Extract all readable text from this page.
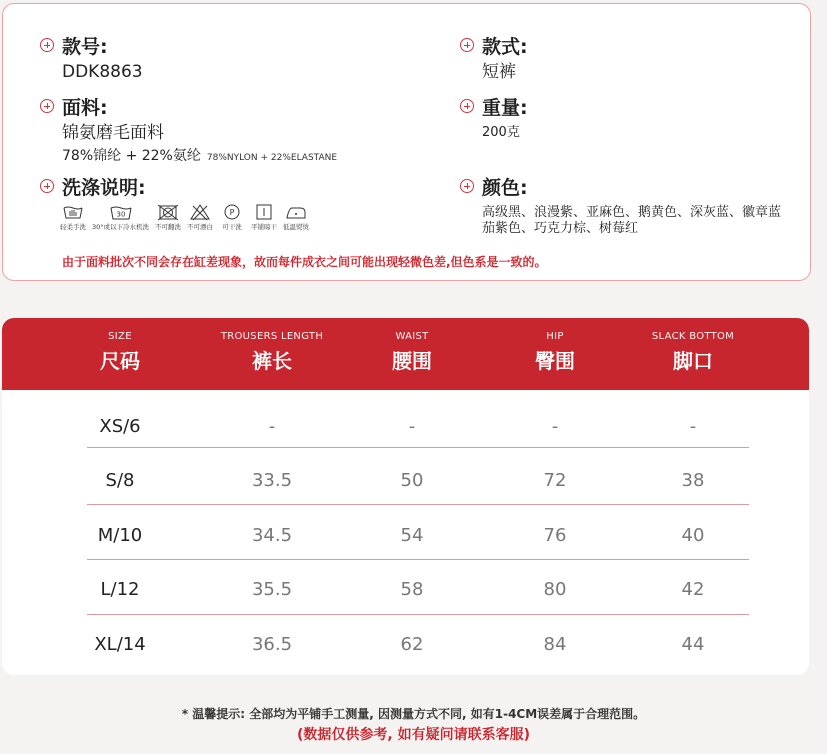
款号:
DDK8863
款式:
短裤
面料:
锦氨磨毛面料
78%锦纶 + 22%氨纶 78%NYLON + 22%ELASTANE
重量:
200克
洗涤说明:
轻柔手洗
30
30°或以下冷水机洗 不可翻洗 不可漂白
P
可干洗 平铺晾干 低温熨烫
颜色:
高级黑、浪漫紫、亚麻色、鹅黄色、深灰蓝、徽章蓝
茄紫色、巧克力棕、树莓红
由于面料批次不同会存在缸差现象，故而每件成衣之间可能出现轻微色差,但色系是一致的。
SIZE
尺码
TROUSERS LENGTH
裤长
WAIST
腰围
HIP
臀围
SLACK BOTTOM
脚口
XS/6	-	-	-	-
S/8	33.5	50	72	38
M/10	34.5	54	76	40
L/12	35.5	58	80	42
XL/14	36.5	62	84	44
* 温馨提示: 全部均为平铺手工测量, 因测量方式不同, 如有1-4CM误差属于合理范围。
(数据仅供参考, 如有疑问请联系客服)
